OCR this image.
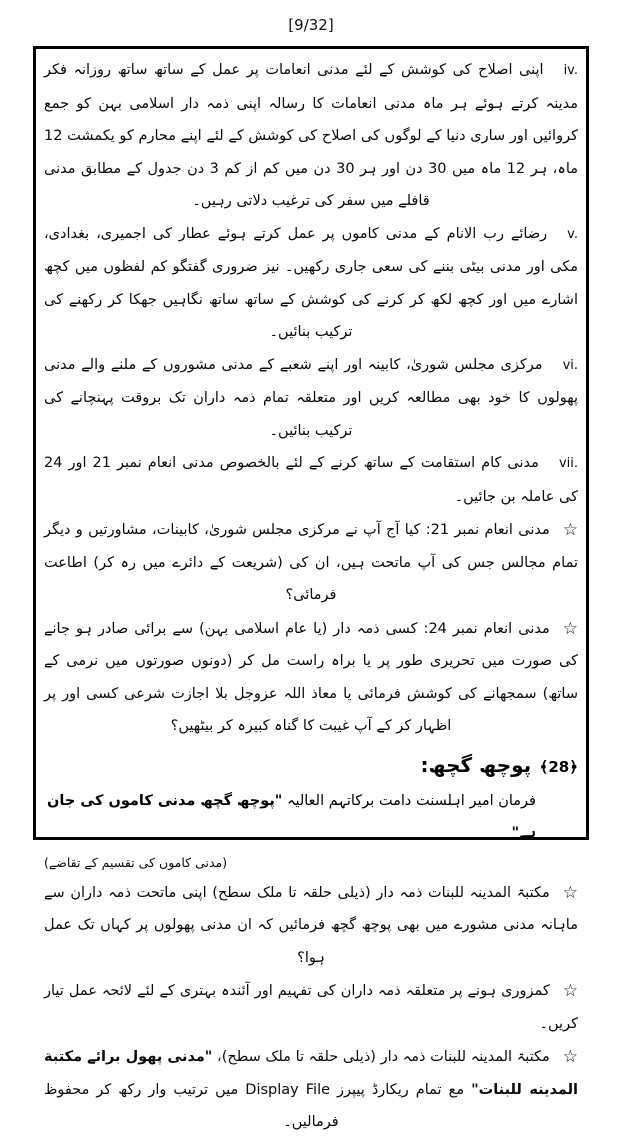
[9/32]

iv.اپنی اصلاح کی کوشش کے لئے مدنی انعامات پر عمل کے ساتھ ساتھ روزانہ فکر مدینہ کرتے ہوئے ہر ماہ مدنی انعامات کا رسالہ اپنی ذمہ دار اسلامی بہن کو جمع کروائیں اور ساری دنیا کے لوگوں کی اصلاح کی کوشش کے لئے اپنے محارم کو یکمشت 12 ماہ، ہر 12 ماہ میں 30 دن اور ہر 30 دن میں کم از کم 3 دن جدول کے مطابق مدنی قافلے میں سفر کی ترغیب دلاتی رہیں۔

v.رضائے رب الانام کے مدنی کاموں پر عمل کرتے ہوئے عطار کی اجمیری، بغدادی، مکی اور مدنی بیٹی بننے کی سعی جاری رکھیں۔ نیز ضروری گفتگو کم لفظوں میں کچھ اشارے میں اور کچھ لکھ کر کرنے کی کوشش کے ساتھ ساتھ نگاہیں جھکا کر رکھنے کی ترکیب بنائیں۔

vi.مرکزی مجلس شوریٰ، کابینہ اور اپنے شعبے کے مدنی مشوروں کے ملنے والے مدنی پھولوں کا خود بھی مطالعہ کریں اور متعلقہ تمام ذمہ داران تک بروقت پہنچانے کی ترکیب بنائیں۔

vii.مدنی کام استقامت کے ساتھ کرنے کے لئے بالخصوص مدنی انعام نمبر 21 اور 24 کی عاملہ بن جائیں۔

☆مدنی انعام نمبر 21: کیا آج آپ نے مرکزی مجلس شوریٰ، کابینات، مشاورتیں و دیگر تمام مجالس جس کی آپ ماتحت ہیں، ان کی (شریعت کے دائرے میں رہ کر) اطاعت فرمائی؟

☆مدنی انعام نمبر 24: کسی ذمہ دار (یا عام اسلامی بہن) سے برائی صادر ہو جانے کی صورت میں تحریری طور پر یا براہ راست مل کر (دونوں صورتوں میں نرمی کے ساتھ) سمجھانے کی کوشش فرمائی یا معاذ اللہ عزوجل بلا اجازت شرعی کسی اور پر اظہار کر کے آپ غیبت کا گناہ کبیرہ کر بیٹھیں؟

﴿28﴾ پوچھ گچھ:

فرمان امیر اہلسنت دامت برکاتہم العالیہ "پوچھ گچھ مدنی کاموں کی جان ہے"

(مدنی کاموں کی تقسیم کے تقاضے)

☆مکتبۃ المدینہ للبنات ذمہ دار (ذیلی حلقہ تا ملک سطح) اپنی ماتحت ذمہ داران سے ماہانہ مدنی مشورے میں بھی پوچھ گچھ فرمائیں کہ ان مدنی پھولوں پر کہاں تک عمل ہوا؟

☆کمزوری ہونے پر متعلقہ ذمہ داران کی تفہیم اور آئندہ بہتری کے لئے لائحہ عمل تیار کریں۔

☆مکتبۃ المدینہ للبنات ذمہ دار (ذیلی حلقہ تا ملک سطح)، "مدنی پھول برائے مکتبة المدینه للبنات" مع تمام ریکارڈ پیپرز Display File میں ترتیب وار رکھ کر محفوظ فرمالیں۔
